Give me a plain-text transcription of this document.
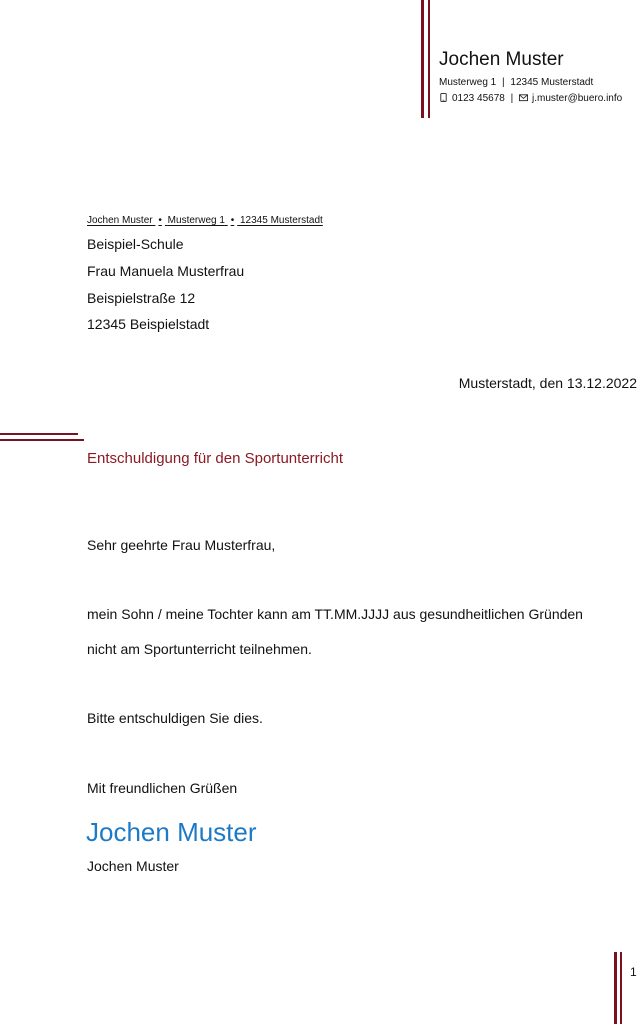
Jochen Muster
Musterweg 1 | 12345 Musterstadt
0123 45678 | j.muster@buero.info
Jochen Muster • Musterweg 1 • 12345 Musterstadt
Beispiel-Schule
Frau Manuela Musterfrau
Beispielstraße 12
12345 Beispielstadt
Musterstadt, den 13.12.2022
Entschuldigung für den Sportunterricht
Sehr geehrte Frau Musterfrau,
mein Sohn / meine Tochter kann am TT.MM.JJJJ aus gesundheitlichen Gründen
nicht am Sportunterricht teilnehmen.
Bitte entschuldigen Sie dies.
Mit freundlichen Grüßen
Jochen Muster
Jochen Muster
1
